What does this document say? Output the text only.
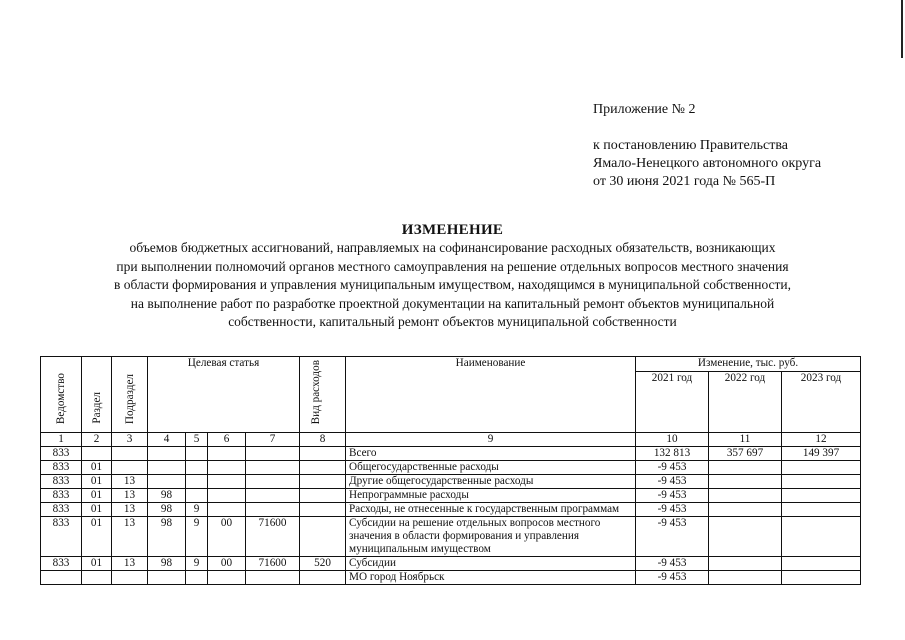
Приложение № 2
к постановлению Правительства
Ямало-Ненецкого автономного округа
от 30 июня 2021 года № 565-П
ИЗМЕНЕНИЕ
объемов бюджетных ассигнований, направляемых на софинансирование расходных обязательств, возникающих
при выполнении полномочий органов местного самоуправления на решение отдельных вопросов местного значения
в области формирования и управления муниципальным имуществом, находящимся в муниципальной собственности,
на выполнение работ по разработке проектной документации на капитальный ремонт объектов муниципальной
собственности, капитальный ремонт объектов муниципальной собственности
Ведомство	Раздел	Подраздел	Целевая статья				Вид расходов	Наименование	Изменение, тыс. руб.		
									2021 год	2022 год	2023 год
1	2	3	4	5	6	7	8	9	10	11	12
833								Всего	132 813	357 697	149 397
833	01							Общегосударственные расходы	-9 453		
833	01	13						Другие общегосударственные расходы	-9 453		
833	01	13	98					Непрограммные расходы	-9 453		
833	01	13	98	9				Расходы, не отнесенные к государственным программам	-9 453		
833	01	13	98	9	00	71600		Субсидии на решение отдельных вопросов местного значения в области формирования и управления муниципальным имуществом	-9 453		
833	01	13	98	9	00	71600	520	Субсидии	-9 453		
								МО город Ноябрьск	-9 453		
